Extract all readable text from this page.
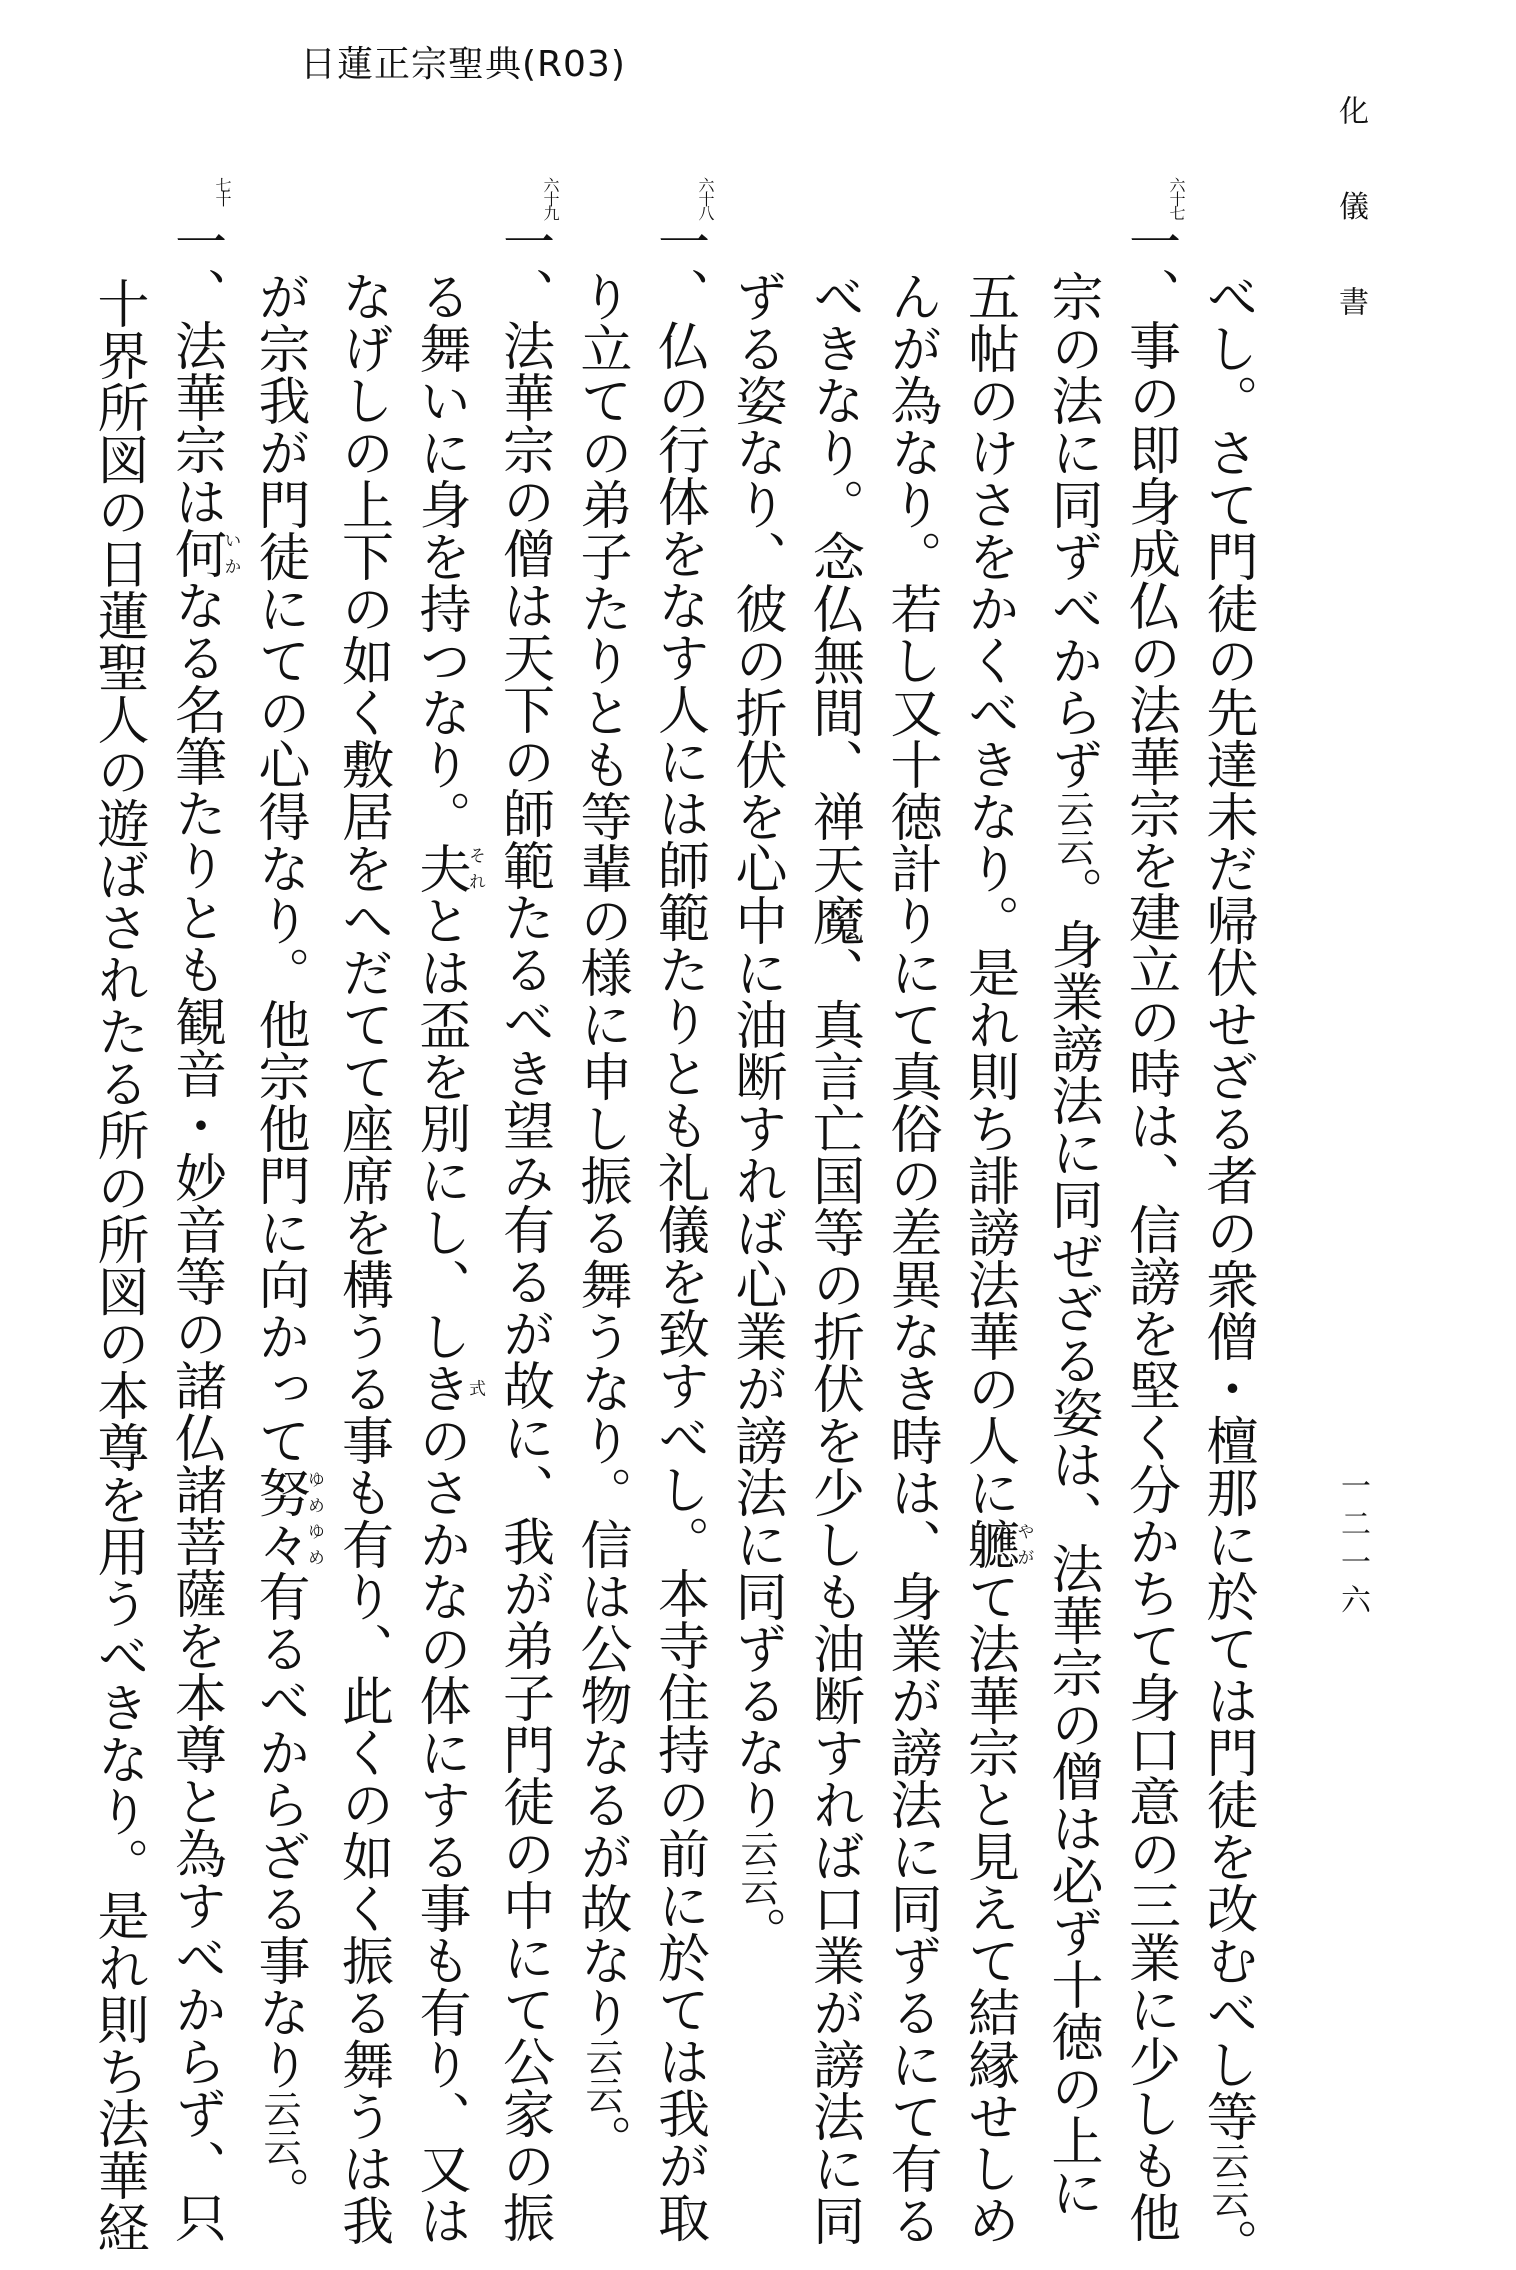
日蓮正宗聖典(R03)
化 儀 書
一二一六

べし。さて門徒の先達未だ帰伏せざる者の衆僧・檀那に於ては門徒を改むべし等云云。

六十七
一、事の即身成仏の法華宗を建立の時は、信謗を堅く分かちて身口意の三業に少しも他

宗の法に同ずべからず云云。身業謗法に同ぜざる姿は、法華宗の僧は必ず十徳の上に

五帖のけさをかくべきなり。是れ則ち誹謗法華の人に軈やがて法華宗と見えて結縁せしめ

んが為なり。若し又十徳計りにて真俗の差異なき時は、身業が謗法に同ずるにて有る

べきなり。念仏無間、禅天魔、真言亡国等の折伏を少しも油断すれば口業が謗法に同

ずる姿なり、彼の折伏を心中に油断すれば心業が謗法に同ずるなり云云。

六十八
一、仏の行体をなす人には師範たりとも礼儀を致すべし。本寺住持の前に於ては我が取

り立ての弟子たりとも等輩の様に申し振る舞うなり。信は公物なるが故なり云云。

六十九
一、法華宗の僧は天下の師範たるべき望み有るが故に、我が弟子門徒の中にて公家の振

る舞いに身を持つなり。夫それとは盃を別にし、しき式のさかなの体にする事も有り、又は

なげしの上下の如く敷居をへだてて座席を構うる事も有り、此くの如く振る舞うは我

が宗我が門徒にての心得なり。他宗他門に向かって努々ゆめゆめ有るべからざる事なり云云。

七十
一、法華宗は何いかなる名筆たりとも観音・妙音等の諸仏諸菩薩を本尊と為すべからず、只

十界所図の日蓮聖人の遊ばされたる所の所図の本尊を用うべきなり。是れ則ち法華経
